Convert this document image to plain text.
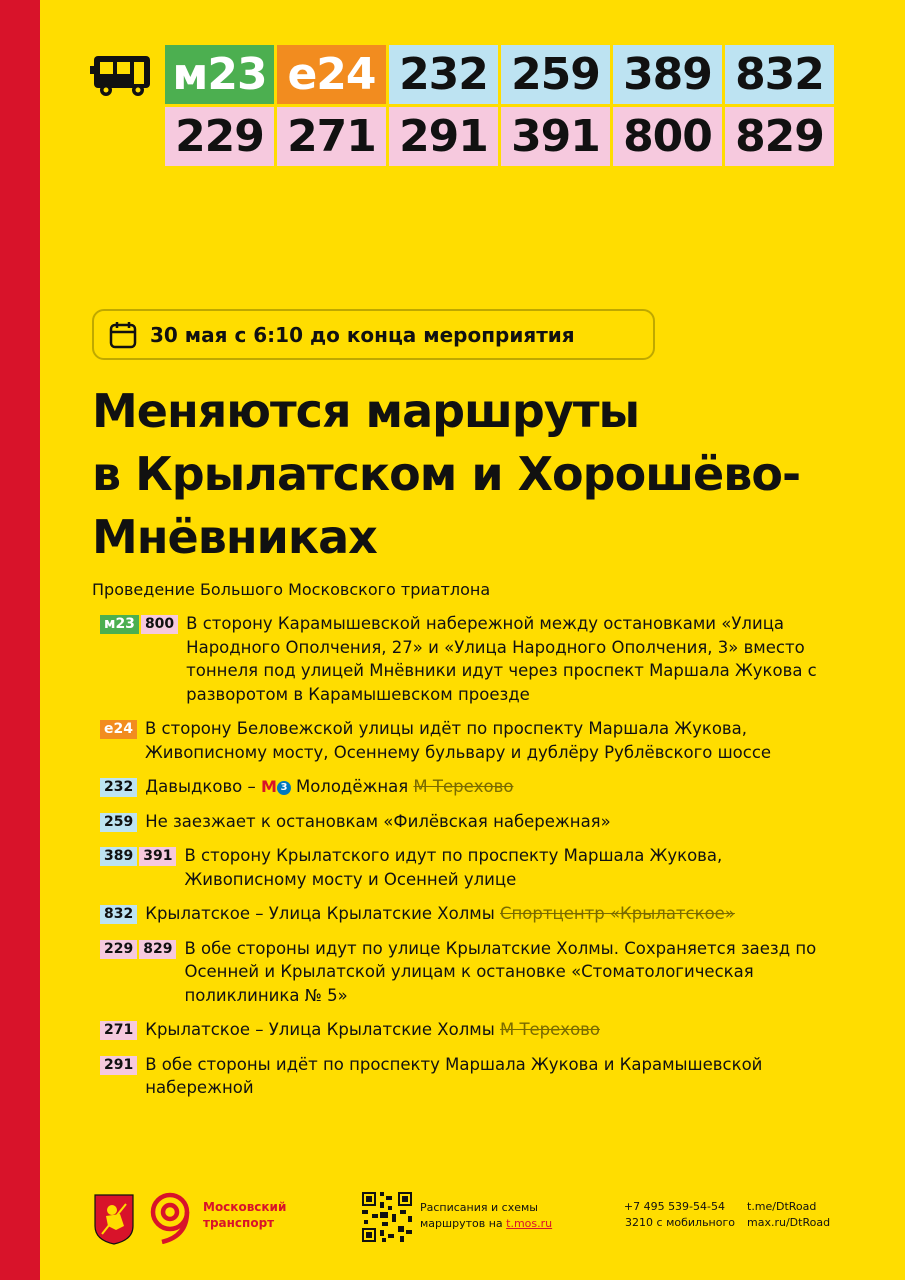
м23 е24 232 259 389 832
229 271 291 391 800 829
30 мая с 6:10 до конца мероприятия
Меняются маршруты
в Крылатском и Хорошёво-
Мнёвниках
Проведение Большого Московского триатлона
м23 800 В сторону Карамышевской набережной между остановками «Улица Народного Ополчения, 27» и «Улица Народного Ополчения, 3» вместо тоннеля под улицей Мнёвники идут через проспект Маршала Жукова с разворотом в Карамышевском проезде
е24 В сторону Беловежской улицы идёт по проспекту Маршала Жукова, Живописному мосту, Осеннему бульвару и дублёру Рублёвского шоссе
232 Давыдково – М 3 Молодёжная М Терехово
259 Не заезжает к остановкам «Филёвская набережная»
389 391 В сторону Крылатского идут по проспекту Маршала Жукова, Живописному мосту и Осенней улице
832 Крылатское – Улица Крылатские Холмы Спортцентр «Крылатское»
229 829 В обе стороны идут по улице Крылатские Холмы. Сохраняется заезд по Осенней и Крылатской улицам к остановке «Стоматологическая поликлиника № 5»
271 Крылатское – Улица Крылатские Холмы М Терехово
291 В обе стороны идёт по проспекту Маршала Жукова и Карамышевской набережной
Московский
транспорт
Расписания и схемы маршрутов на t.mos.ru
+7 495 539-54-54
3210 с мобильного
t.me/DtRoad
max.ru/DtRoad
